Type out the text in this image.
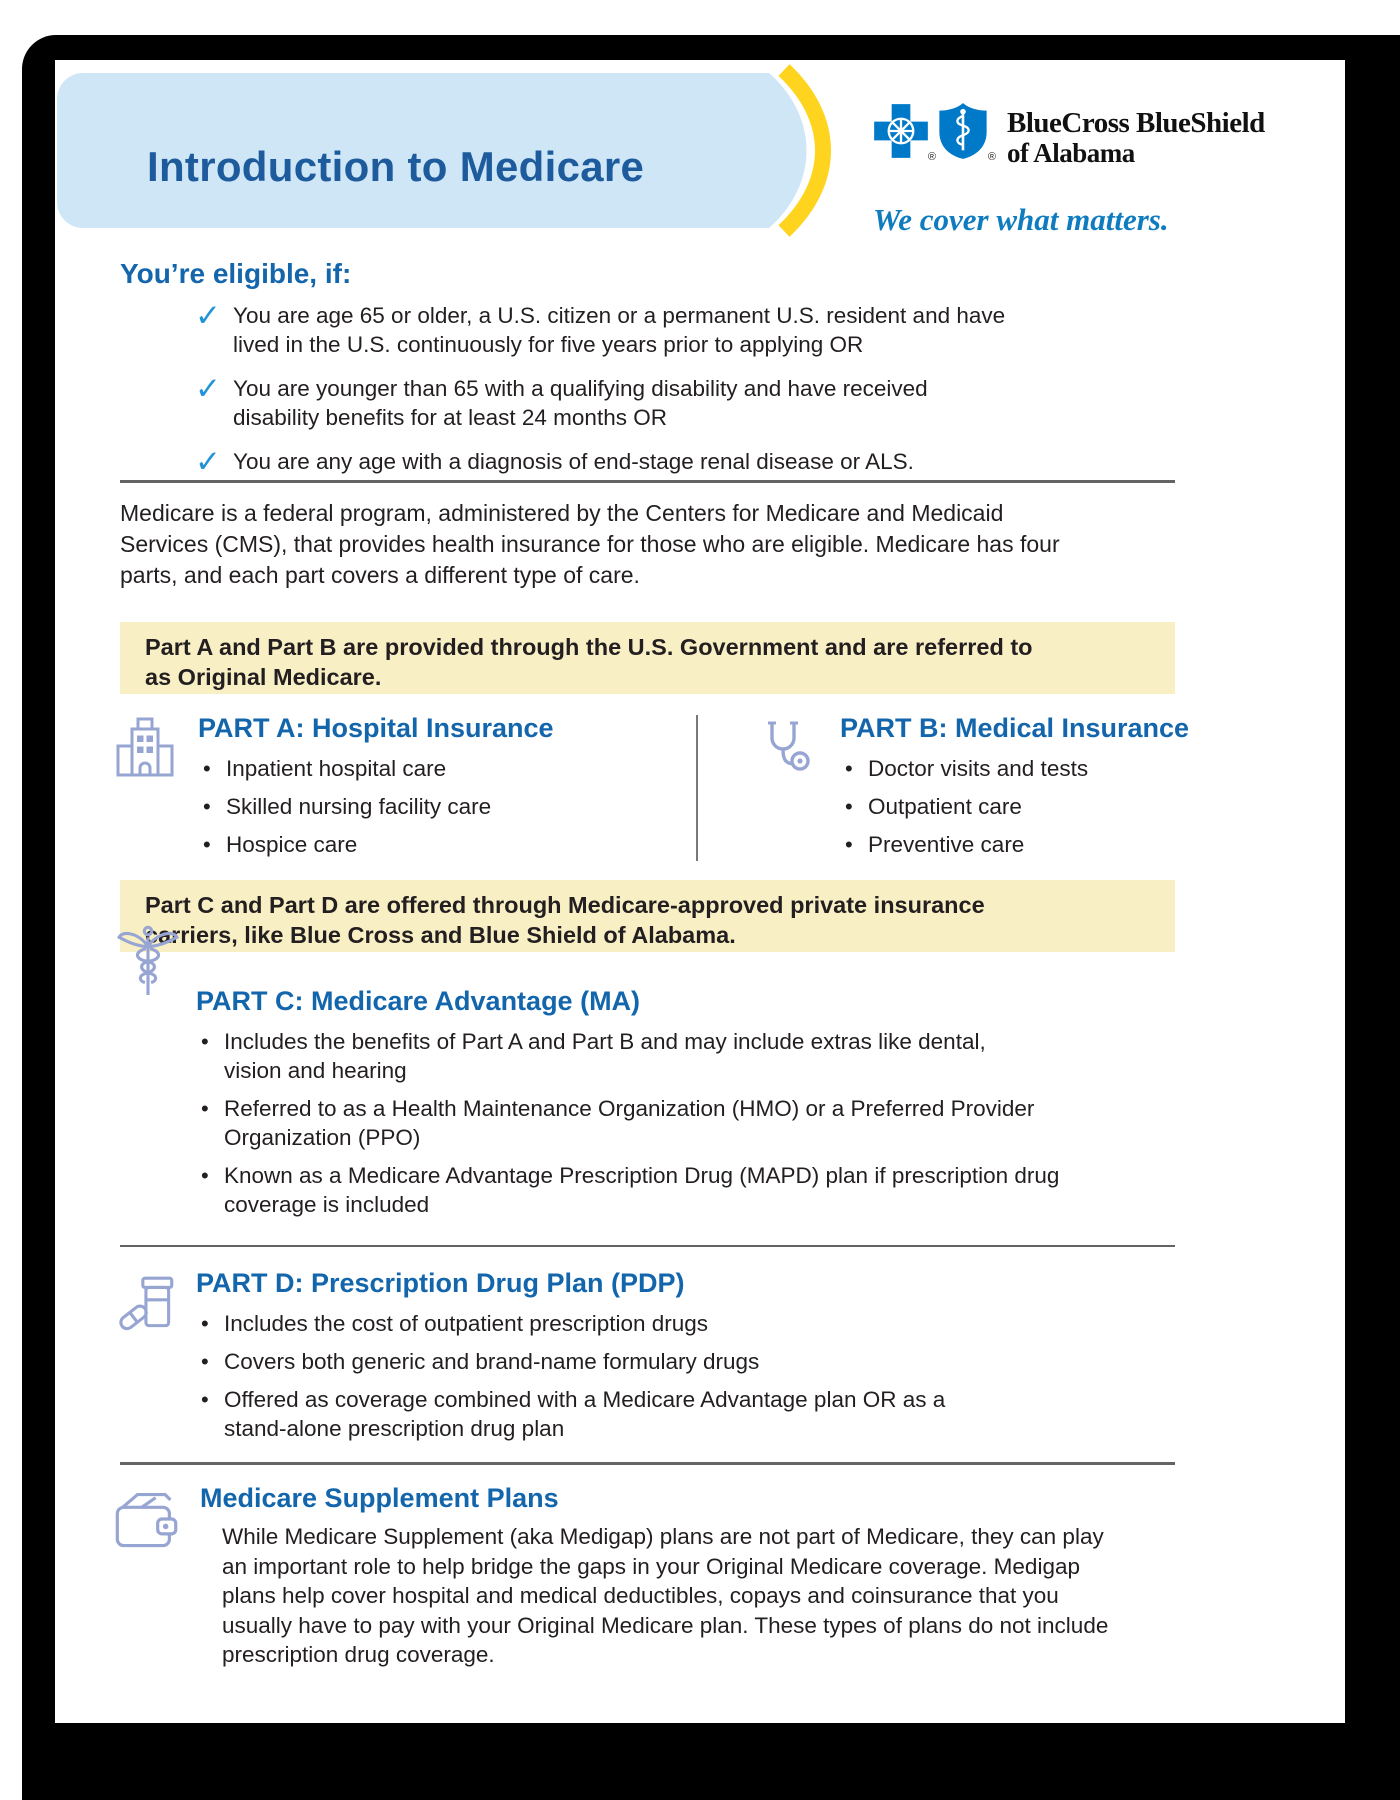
Introduction to Medicare	®	®
BlueCross BlueShield
of Alabama
We cover what matters.
You’re eligible, if:
✓ You are age 65 or older, a U.S. citizen or a permanent U.S. resident and have lived in the U.S. continuously for five years prior to applying OR
✓ You are younger than 65 with a qualifying disability and have received disability benefits for at least 24 months OR
✓ You are any age with a diagnosis of end-stage renal disease or ALS.
Medicare is a federal program, administered by the Centers for Medicare and Medicaid Services (CMS), that provides health insurance for those who are eligible. Medicare has four parts, and each part covers a different type of care.
Part A and Part B are provided through the U.S. Government and are referred to as Original Medicare.
PART A: Hospital Insurance
• Inpatient hospital care
• Skilled nursing facility care
• Hospice care
PART B: Medical Insurance
• Doctor visits and tests
• Outpatient care
• Preventive care
Part C and Part D are offered through Medicare-approved private insurance carriers, like Blue Cross and Blue Shield of Alabama.
PART C: Medicare Advantage (MA)
• Includes the benefits of Part A and Part B and may include extras like dental, vision and hearing
• Referred to as a Health Maintenance Organization (HMO) or a Preferred Provider Organization (PPO)
• Known as a Medicare Advantage Prescription Drug (MAPD) plan if prescription drug coverage is included
PART D: Prescription Drug Plan (PDP)
• Includes the cost of outpatient prescription drugs
• Covers both generic and brand-name formulary drugs
• Offered as coverage combined with a Medicare Advantage plan OR as a stand-alone prescription drug plan
Medicare Supplement Plans
While Medicare Supplement (aka Medigap) plans are not part of Medicare, they can play an important role to help bridge the gaps in your Original Medicare coverage. Medigap plans help cover hospital and medical deductibles, copays and coinsurance that you usually have to pay with your Original Medicare plan. These types of plans do not include prescription drug coverage.
